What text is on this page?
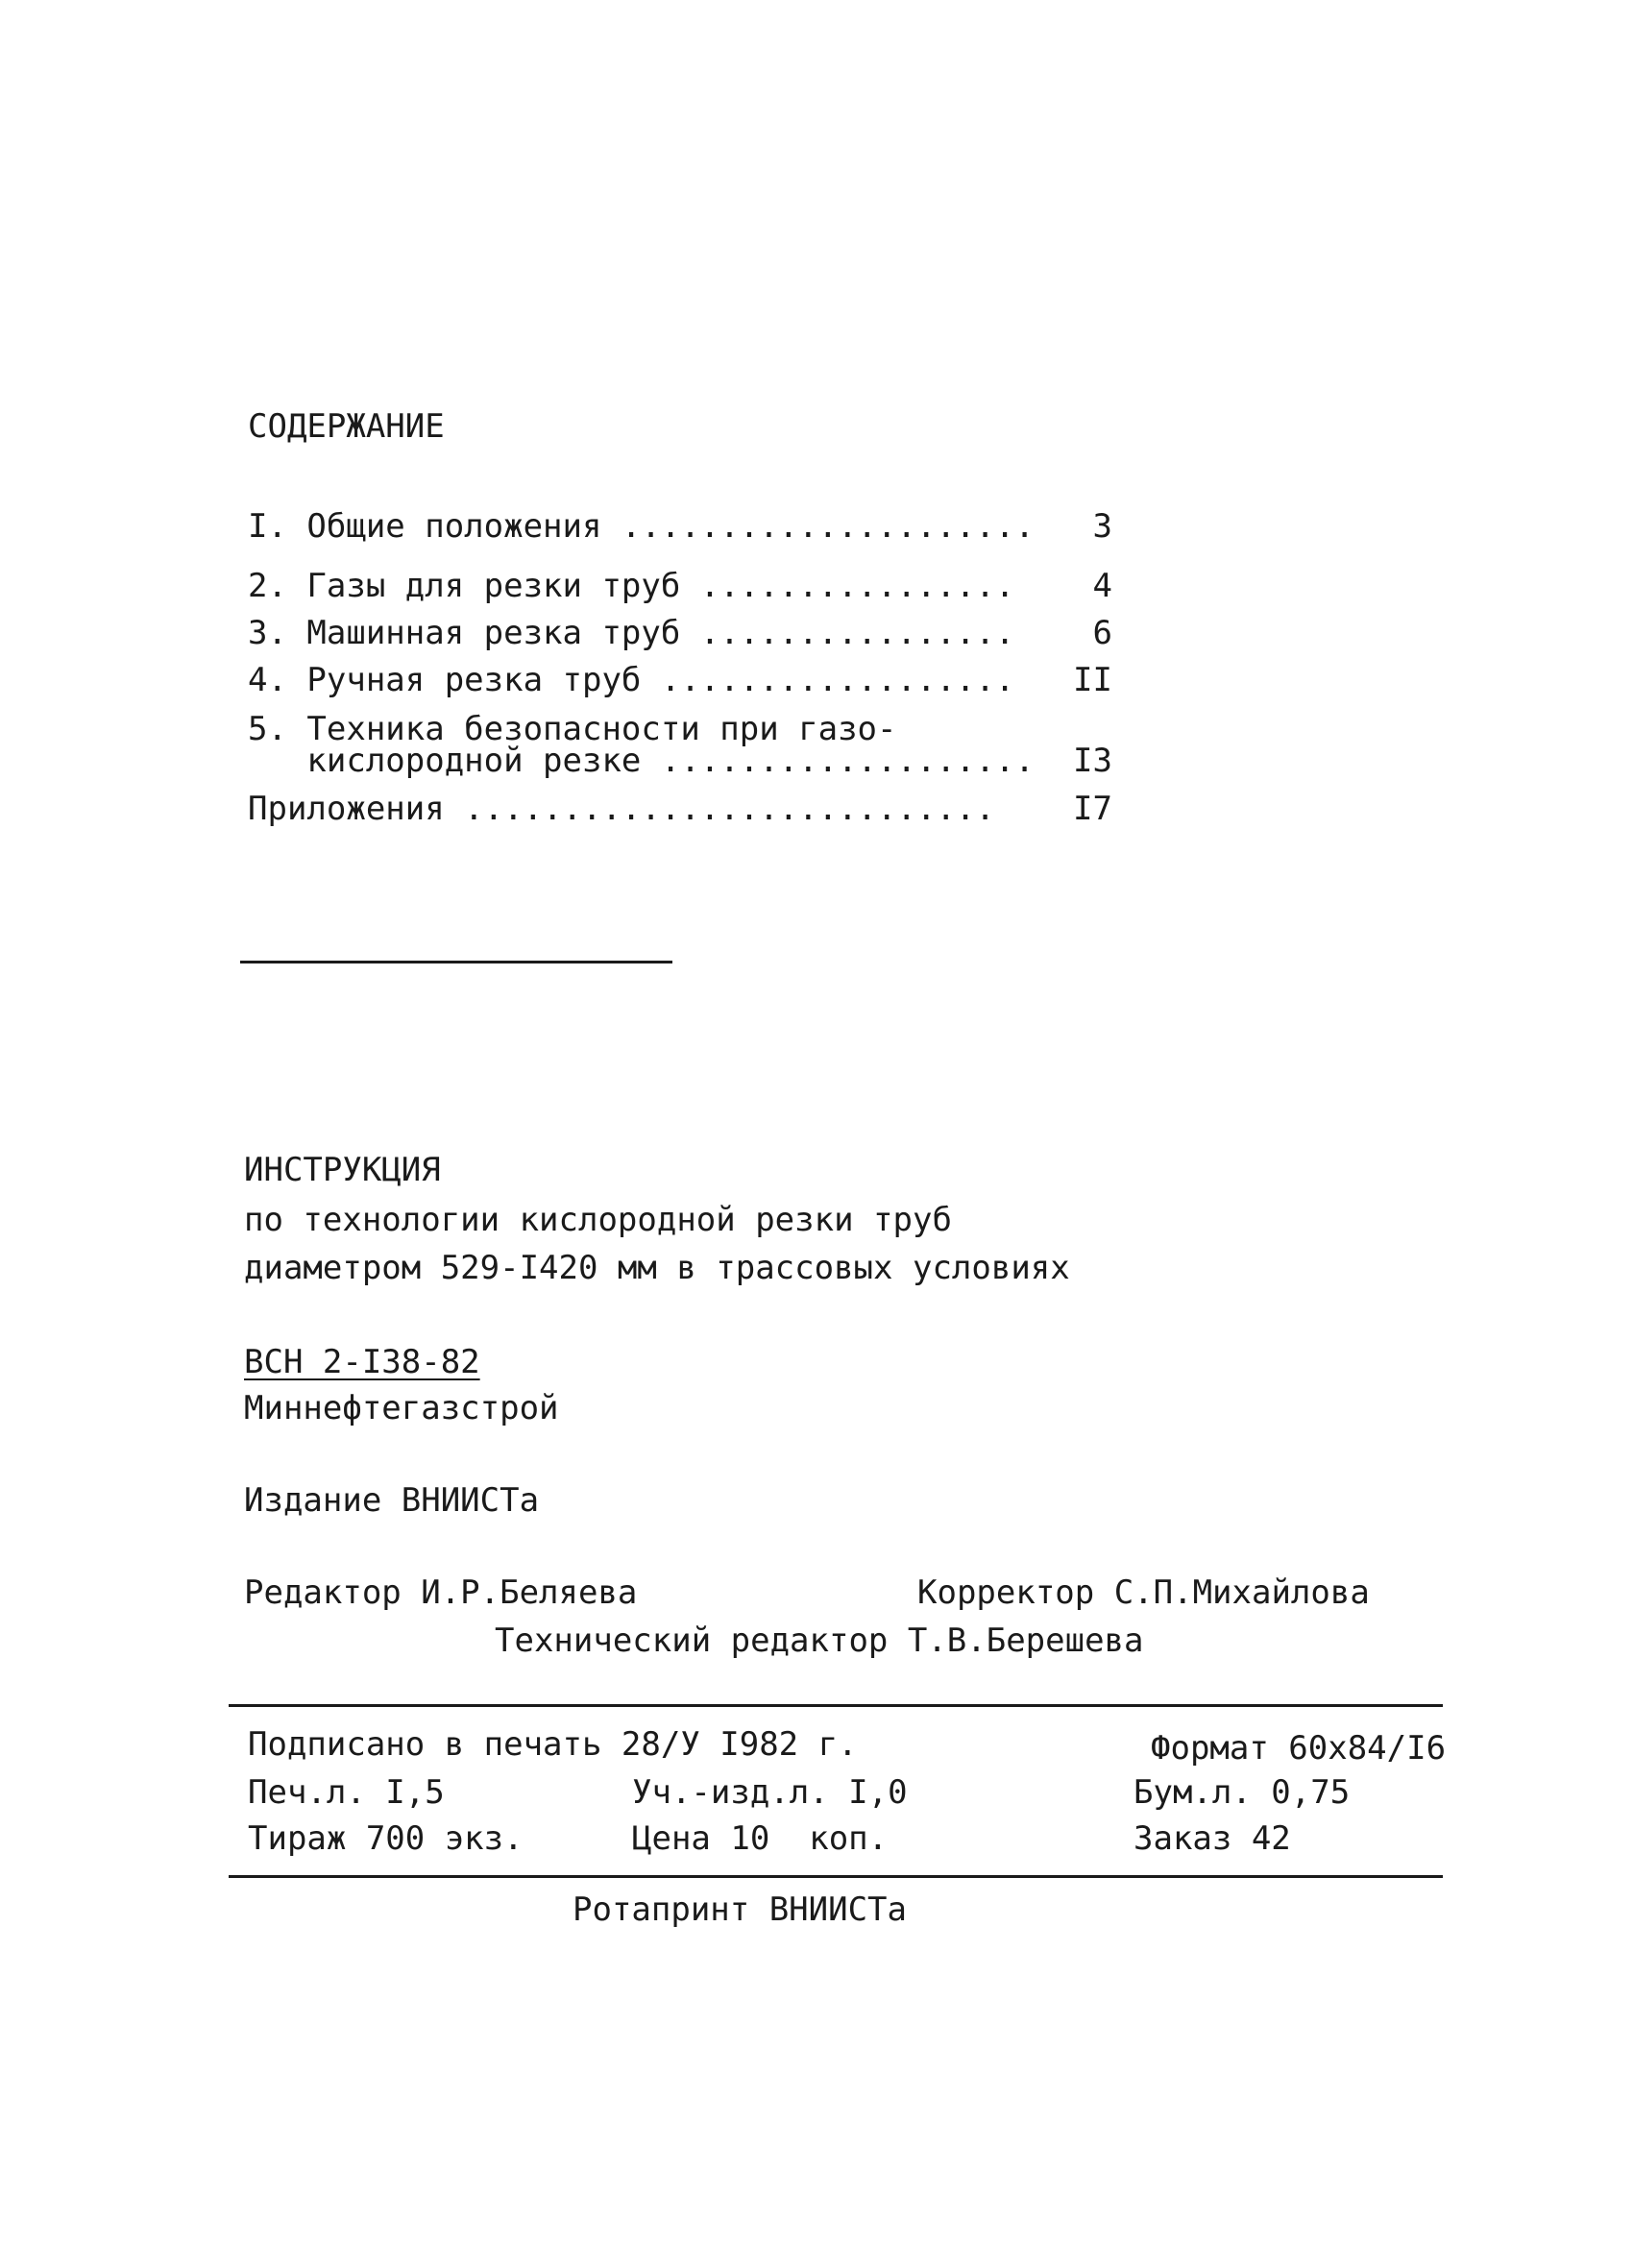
СОДЕРЖАНИЕ
I. Общие положения ..................... 3
2. Газы для резки труб ................ 4
3. Машинная резка труб ................ 6
4. Ручная резка труб .................. II
5. Техника безопасности при газо-
кислородной резке ................... I3
Приложения ........................... I7
ИНСТРУКЦИЯ
по технологии кислородной резки труб
диаметром 529-I420 мм в трассовых условиях
ВСН 2-I38-82
Миннефтегазстрой
Издание ВНИИСТа
Редактор И.Р.Беляева	Корректор С.П.Михайлова
Технический редактор Т.В.Берешева
Подписано в печать 28/У I982 г.	Формат 60х84/I6
Печ.л. I,5	Уч.-изд.л. I,0	Бум.л. 0,75
Тираж 700 экз.	Цена 10  коп.	Заказ 42
Ротапринт ВНИИСТа
